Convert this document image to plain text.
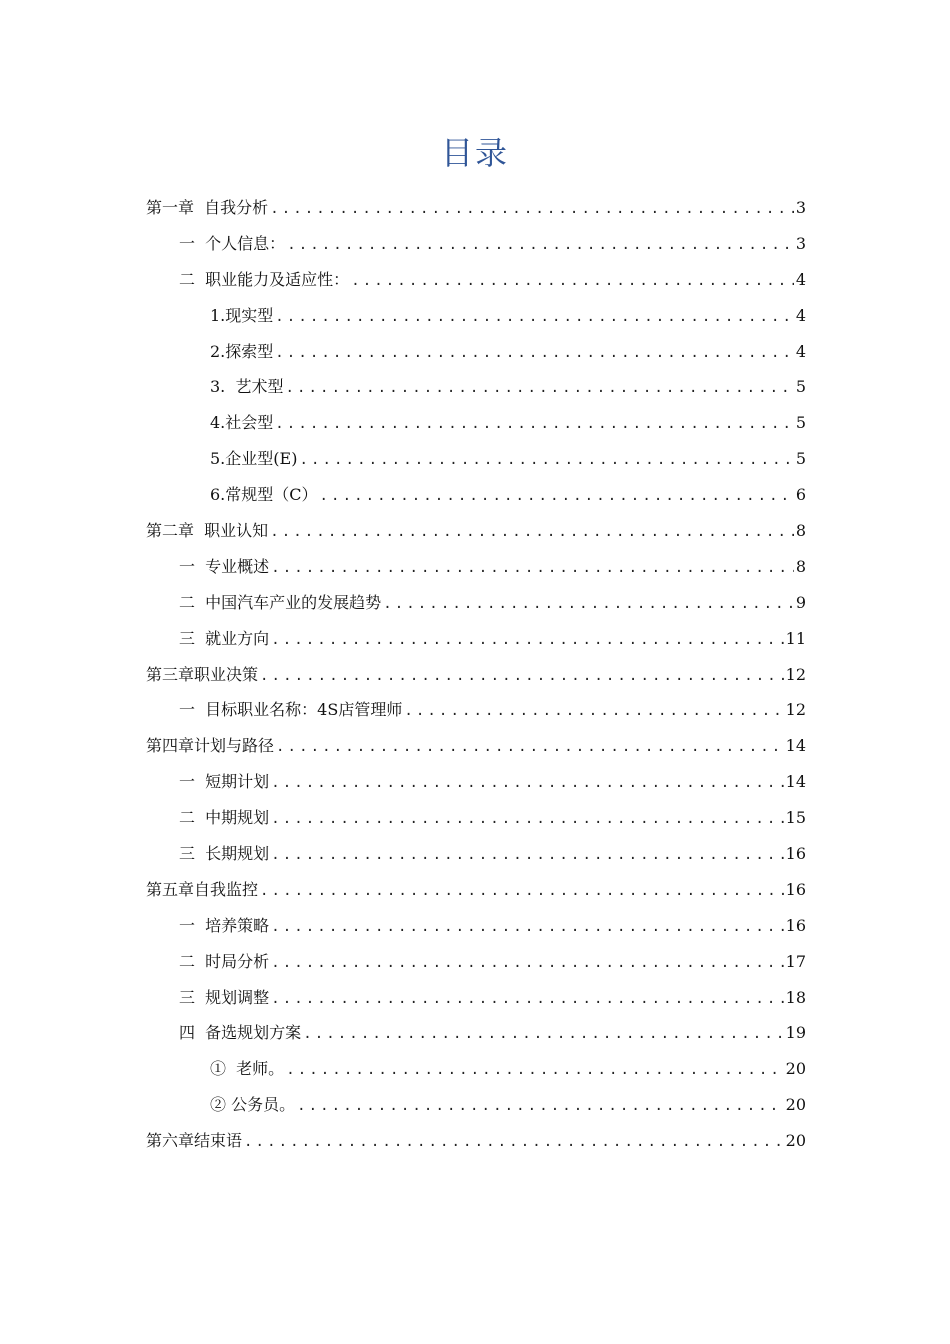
目录
第一章  自我分析 .....	3
一  个人信息： .....	3
二  职业能力及适应性： .....	4
1.现实型 .....	4
2.探索型 .....	4
3.  艺术型 .....	5
4.社会型 .....	5
5.企业型(E) .....	5
6.常规型（C） .....	6
第二章  职业认知 .....	8
一  专业概述 .....	8
二  中国汽车产业的发展趋势 .....	9
三  就业方向 .....	11
第三章职业决策 .....	12
一  目标职业名称：4S店管理师 .....	12
第四章计划与路径 .....	14
一  短期计划 .....	14
二  中期规划 .....	15
三  长期规划 .....	16
第五章自我监控 .....	16
一  培养策略 .....	16
二  时局分析 .....	17
三  规划调整 .....	18
四  备选规划方案 .....	19
①  老师。 .....	20
② 公务员。 .....	20
第六章结束语 .....	20
